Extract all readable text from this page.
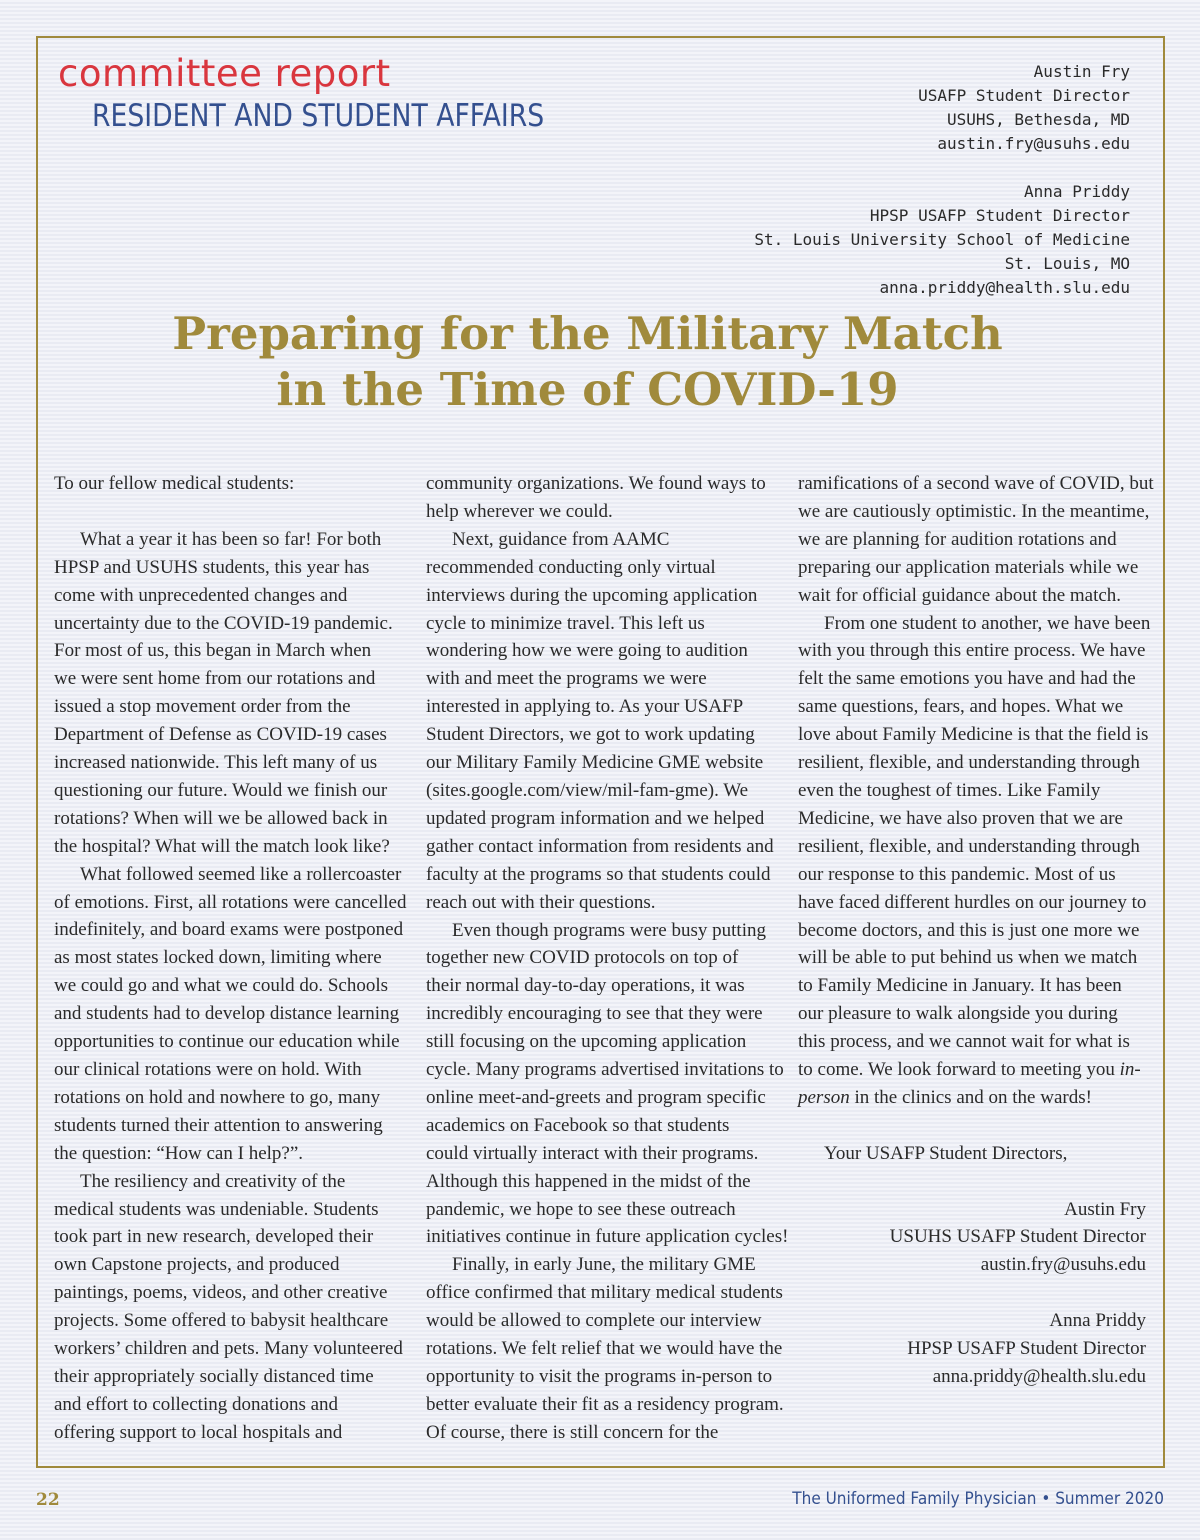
committee report
RESIDENT AND STUDENT AFFAIRS
Austin Fry
USAFP Student Director
USUHS, Bethesda, MD
austin.fry@usuhs.edu
Anna Priddy
HPSP USAFP Student Director
St. Louis University School of Medicine
St. Louis, MO
anna.priddy@health.slu.edu
Preparing for the Military Match
in the Time of COVID-19
To our fellow medical students:
What a year it has been so far! For both
HPSP and USUHS students, this year has
come with unprecedented changes and
uncertainty due to the COVID-19 pandemic.
For most of us, this began in March when
we were sent home from our rotations and
issued a stop movement order from the
Department of Defense as COVID-19 cases
increased nationwide. This left many of us
questioning our future. Would we finish our
rotations? When will we be allowed back in
the hospital? What will the match look like?
What followed seemed like a rollercoaster
of emotions. First, all rotations were cancelled
indefinitely, and board exams were postponed
as most states locked down, limiting where
we could go and what we could do. Schools
and students had to develop distance learning
opportunities to continue our education while
our clinical rotations were on hold. With
rotations on hold and nowhere to go, many
students turned their attention to answering
the question: “How can I help?”.
The resiliency and creativity of the
medical students was undeniable. Students
took part in new research, developed their
own Capstone projects, and produced
paintings, poems, videos, and other creative
projects. Some offered to babysit healthcare
workers’ children and pets. Many volunteered
their appropriately socially distanced time
and effort to collecting donations and
offering support to local hospitals and
community organizations. We found ways to
help wherever we could.
Next, guidance from AAMC
recommended conducting only virtual
interviews during the upcoming application
cycle to minimize travel. This left us
wondering how we were going to audition
with and meet the programs we were
interested in applying to. As your USAFP
Student Directors, we got to work updating
our Military Family Medicine GME website
(sites.google.com/view/mil-fam-gme). We
updated program information and we helped
gather contact information from residents and
faculty at the programs so that students could
reach out with their questions.
Even though programs were busy putting
together new COVID protocols on top of
their normal day-to-day operations, it was
incredibly encouraging to see that they were
still focusing on the upcoming application
cycle. Many programs advertised invitations to
online meet-and-greets and program specific
academics on Facebook so that students
could virtually interact with their programs.
Although this happened in the midst of the
pandemic, we hope to see these outreach
initiatives continue in future application cycles!
Finally, in early June, the military GME
office confirmed that military medical students
would be allowed to complete our interview
rotations. We felt relief that we would have the
opportunity to visit the programs in-person to
better evaluate their fit as a residency program.
Of course, there is still concern for the
ramifications of a second wave of COVID, but
we are cautiously optimistic. In the meantime,
we are planning for audition rotations and
preparing our application materials while we
wait for official guidance about the match.
From one student to another, we have been
with you through this entire process. We have
felt the same emotions you have and had the
same questions, fears, and hopes. What we
love about Family Medicine is that the field is
resilient, flexible, and understanding through
even the toughest of times. Like Family
Medicine, we have also proven that we are
resilient, flexible, and understanding through
our response to this pandemic. Most of us
have faced different hurdles on our journey to
become doctors, and this is just one more we
will be able to put behind us when we match
to Family Medicine in January. It has been
our pleasure to walk alongside you during
this process, and we cannot wait for what is
to come. We look forward to meeting you in-
person in the clinics and on the wards!
Your USAFP Student Directors,
Austin Fry
USUHS USAFP Student Director
austin.fry@usuhs.edu
Anna Priddy
HPSP USAFP Student Director
anna.priddy@health.slu.edu
22	The Uniformed Family Physician • Summer 2020
